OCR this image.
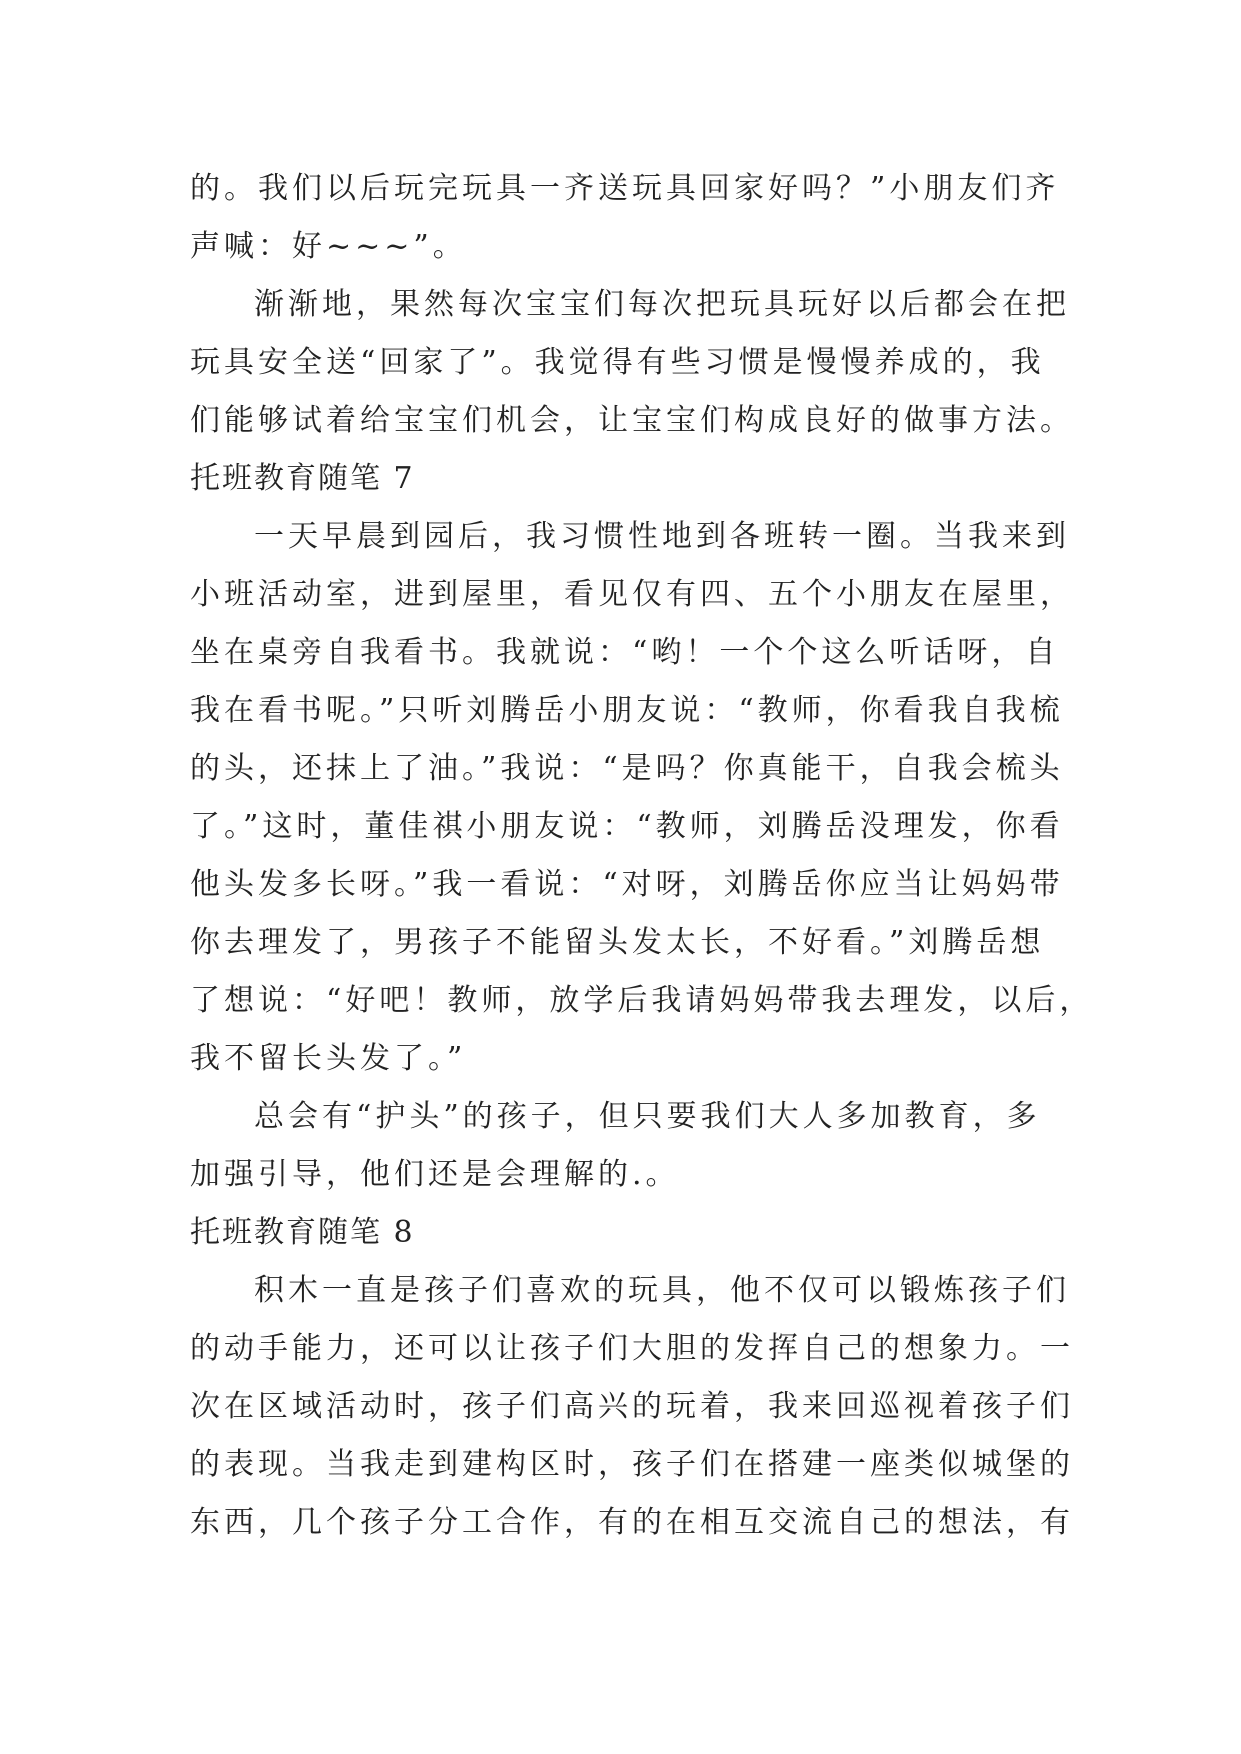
的。我们以后玩完玩具一齐送玩具回家好吗？”小朋友们齐
声喊：好~~~”。
渐渐地，果然每次宝宝们每次把玩具玩好以后都会在把
玩具安全送“回家了”。我觉得有些习惯是慢慢养成的，我
们能够试着给宝宝们机会，让宝宝们构成良好的做事方法。
托班教育随笔 7
一天早晨到园后，我习惯性地到各班转一圈。当我来到
小班活动室，进到屋里，看见仅有四、五个小朋友在屋里，
坐在桌旁自我看书。我就说：“哟！一个个这么听话呀，自
我在看书呢。”只听刘腾岳小朋友说：“教师，你看我自我梳
的头，还抹上了油。”我说：“是吗？你真能干，自我会梳头
了。”这时，董佳祺小朋友说：“教师，刘腾岳没理发，你看
他头发多长呀。”我一看说：“对呀，刘腾岳你应当让妈妈带
你去理发了，男孩子不能留头发太长，不好看。”刘腾岳想
了想说：“好吧！教师，放学后我请妈妈带我去理发，以后，
我不留长头发了。”
总会有“护头”的孩子，但只要我们大人多加教育，多
加强引导，他们还是会理解的.。
托班教育随笔 8
积木一直是孩子们喜欢的玩具，他不仅可以锻炼孩子们
的动手能力，还可以让孩子们大胆的发挥自己的想象力。一
次在区域活动时，孩子们高兴的玩着，我来回巡视着孩子们
的表现。当我走到建构区时，孩子们在搭建一座类似城堡的
东西，几个孩子分工合作，有的在相互交流自己的想法，有
